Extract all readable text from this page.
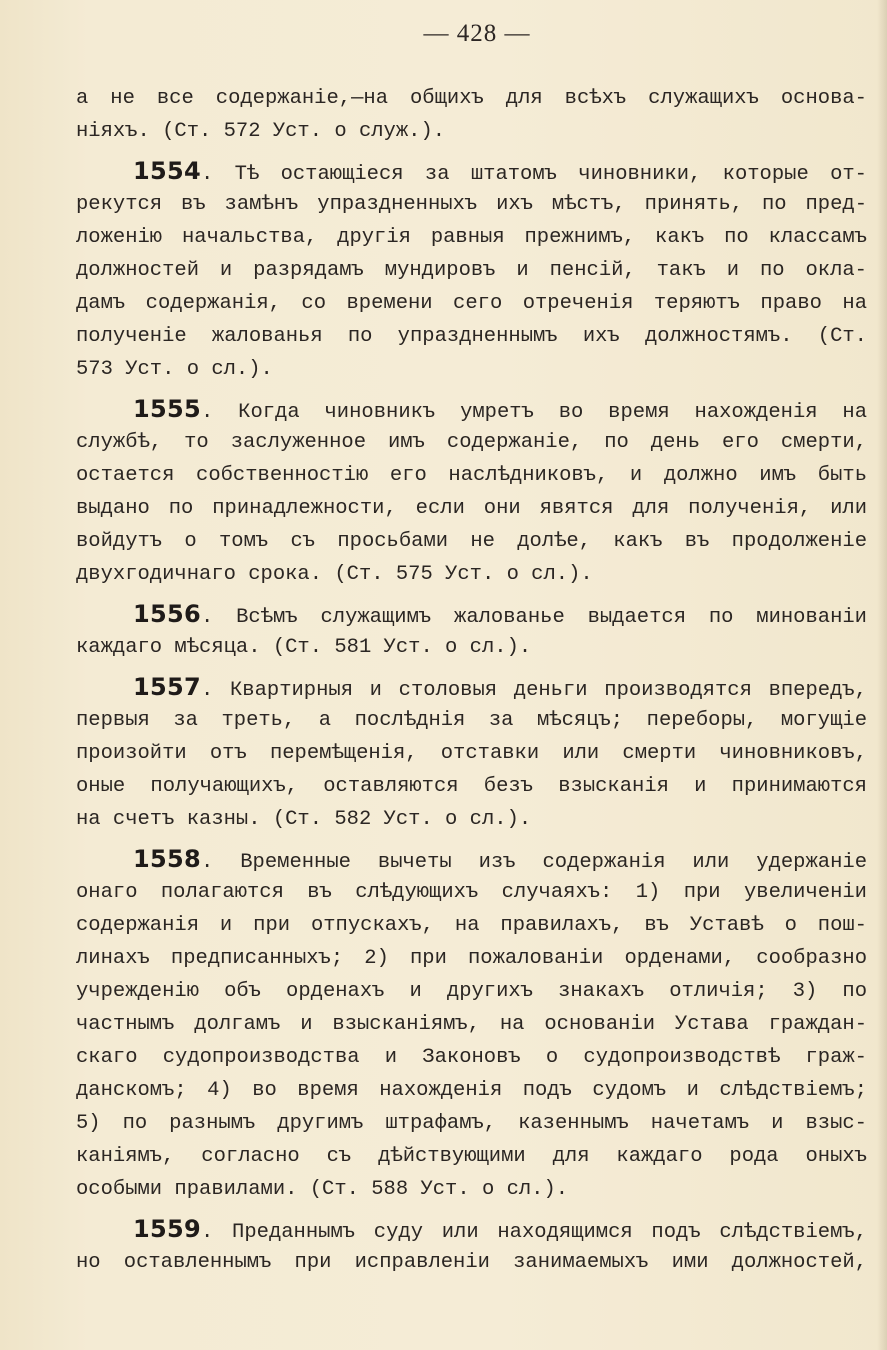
— 428 —
а не все содержаніе,—на общихъ для всѣхъ служащихъ основа-
ніяхъ. (Ст. 572 Уст. о служ.).
1554. Тѣ остающіеся за штатомъ чиновники, которые от-
рекутся въ замѣнъ упраздненныхъ ихъ мѣстъ, принять, по пред-
ложенію начальства, другія равныя прежнимъ, какъ по классамъ
должностей и разрядамъ мундировъ и пенсій, такъ и по окла-
дамъ содержанія, со времени сего отреченія теряютъ право на
полученіе жалованья по упраздненнымъ ихъ должностямъ. (Ст.
573 Уст. о сл.).
1555. Когда чиновникъ умретъ во время нахожденія на
службѣ, то заслуженное имъ содержаніе, по день его смерти,
остается собственностію его наслѣдниковъ, и должно имъ быть
выдано по принадлежности, если они явятся для полученія, или
войдутъ о томъ съ просьбами не долѣе, какъ въ продолженіе
двухгодичнаго срока. (Ст. 575 Уст. о сл.).
1556. Всѣмъ служащимъ жалованье выдается по минованіи
каждаго мѣсяца. (Ст. 581 Уст. о сл.).
1557. Квартирныя и столовыя деньги производятся впередъ,
первыя за треть, а послѣднія за мѣсяцъ; переборы, могущіе
произойти отъ перемѣщенія, отставки или смерти чиновниковъ,
оные получающихъ, оставляются безъ взысканія и принимаются
на счетъ казны. (Ст. 582 Уст. о сл.).
1558. Временные вычеты изъ содержанія или удержаніе
онаго полагаются въ слѣдующихъ случаяхъ: 1) при увеличеніи
содержанія и при отпускахъ, на правилахъ, въ Уставѣ о пош-
линахъ предписанныхъ; 2) при пожалованіи орденами, сообразно
учрежденію объ орденахъ и другихъ знакахъ отличія; 3) по
частнымъ долгамъ и взысканіямъ, на основаніи Устава граждан-
скаго судопроизводства и Законовъ о судопроизводствѣ граж-
данскомъ; 4) во время нахожденія подъ судомъ и слѣдствіемъ;
5) по разнымъ другимъ штрафамъ, казеннымъ начетамъ и взыс-
каніямъ, согласно съ дѣйствующими для каждаго рода оныхъ
особыми правилами. (Ст. 588 Уст. о сл.).
1559. Преданнымъ суду или находящимся подъ слѣдствіемъ,
но оставленнымъ при исправленіи занимаемыхъ ими должностей,
